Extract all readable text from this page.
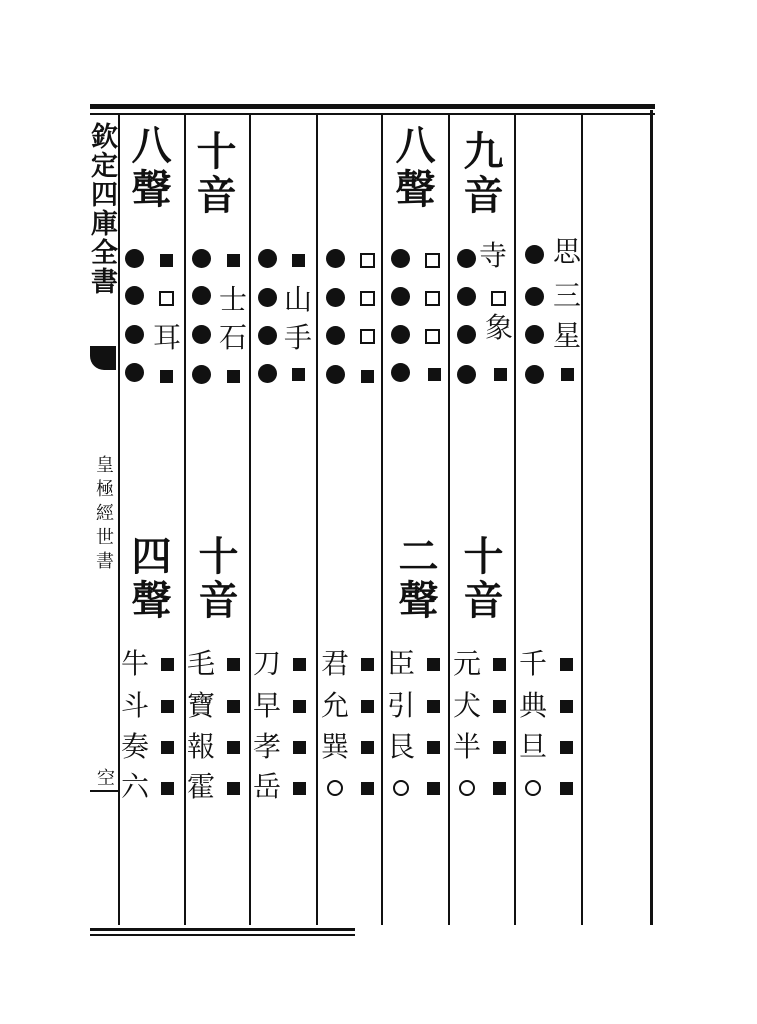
欽定四庫全書
皇極經世書
空
八聲 十音	八聲 九音
四聲 十音	二聲 十音
耳
士
石
山
手
寺
象
思
三
星
牛
斗
奏
六
毛
寶
報
霍
刀
早
孝
岳
君
允
巽
臣
引
艮
元
犬
半
千
典
旦
